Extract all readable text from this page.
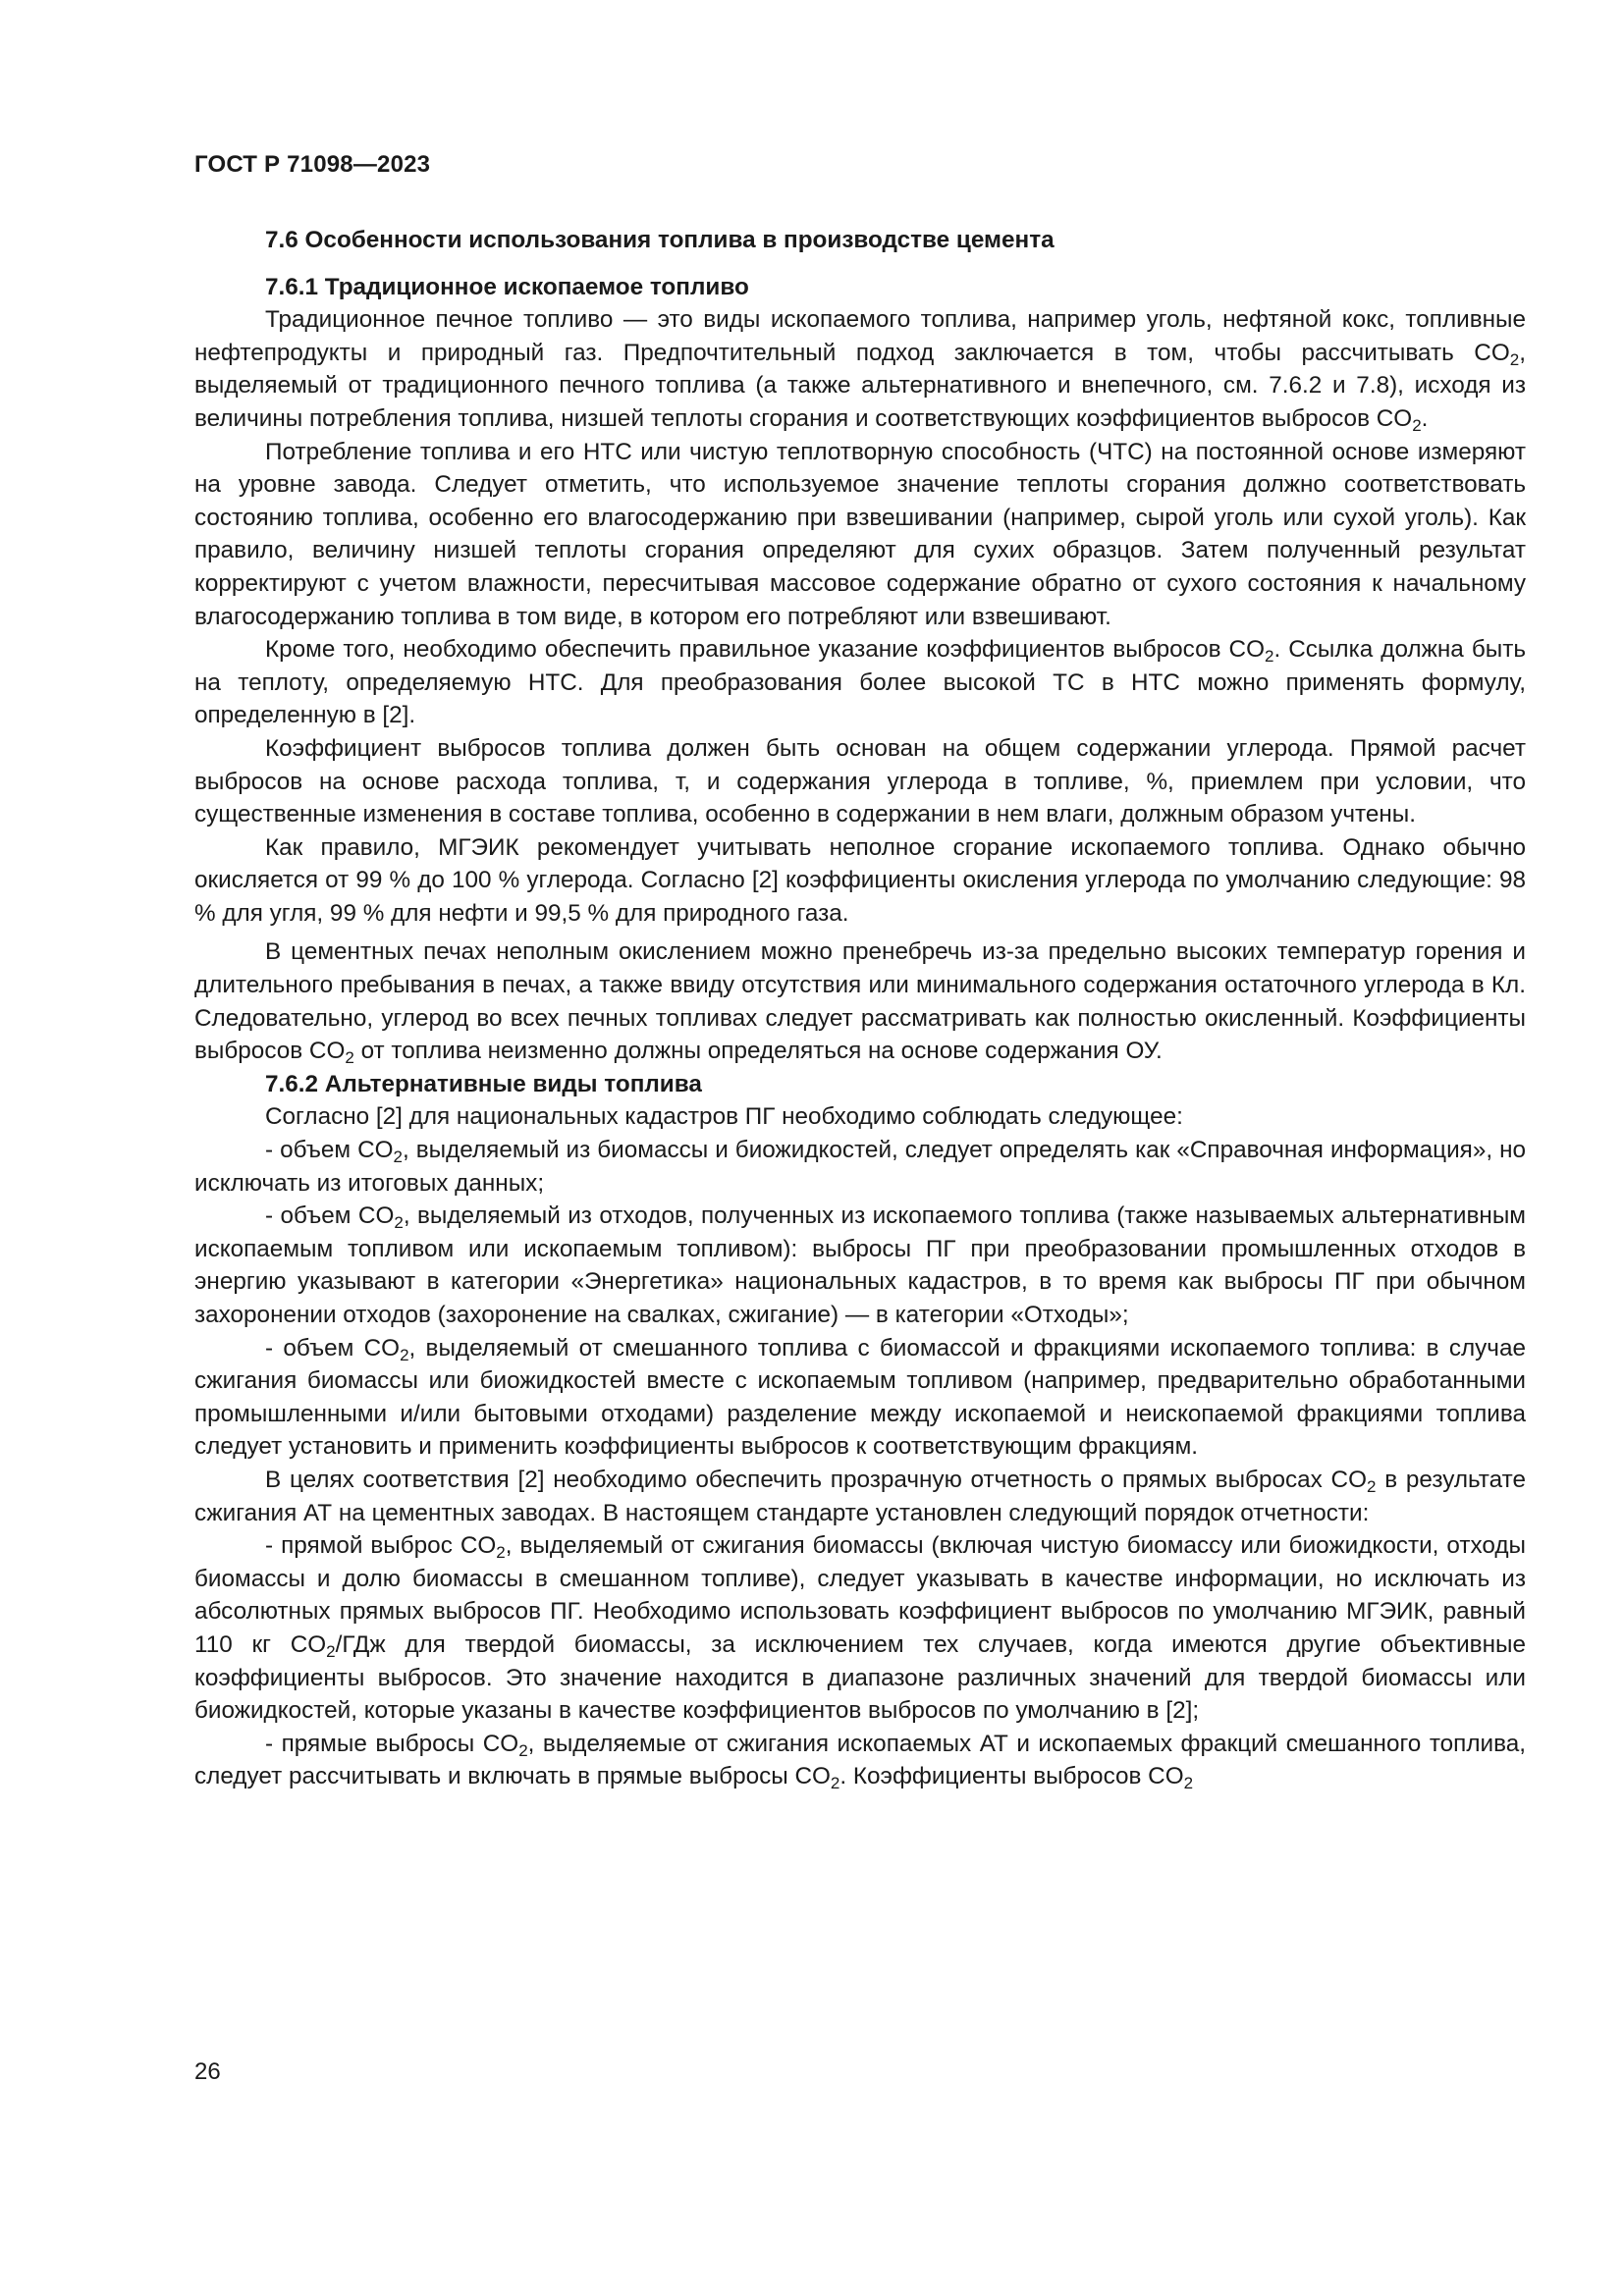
ГОСТ Р 71098—2023
7.6 Особенности использования топлива в производстве цемента
7.6.1 Традиционное ископаемое топливо

Традиционное печное топливо — это виды ископаемого топлива, например уголь, нефтяной кокс, топливные нефтепродукты и природный газ. Предпочтительный подход заключается в том, чтобы рассчитывать $CO_2$, выделяемый от традиционного печного топлива (а также альтернативного и внепечного, см. 7.6.2 и 7.8), исходя из величины потребления топлива, низшей теплоты сгорания и соответствующих коэффициентов выбросов $CO_2$.

Потребление топлива и его НТС или чистую теплотворную способность (ЧТС) на постоянной основе измеряют на уровне завода. Следует отметить, что используемое значение теплоты сгорания должно соответствовать состоянию топлива, особенно его влагосодержанию при взвешивании (например, сырой уголь или сухой уголь). Как правило, величину низшей теплоты сгорания определяют для сухих образцов. Затем полученный результат корректируют с учетом влажности, пересчитывая массовое содержание обратно от сухого состояния к начальному влагосодержанию топлива в том виде, в котором его потребляют или взвешивают.

Кроме того, необходимо обеспечить правильное указание коэффициентов выбросов $CO_2$. Ссылка должна быть на теплоту, определяемую НТС. Для преобразования более высокой ТС в НТС можно применять формулу, определенную в [2].

Коэффициент выбросов топлива должен быть основан на общем содержании углерода. Прямой расчет выбросов на основе расхода топлива, т, и содержания углерода в топливе, %, приемлем при условии, что существенные изменения в составе топлива, особенно в содержании в нем влаги, должным образом учтены.

Как правило, МГЭИК рекомендует учитывать неполное сгорание ископаемого топлива. Однако обычно окисляется от 99 % до 100 % углерода. Согласно [2] коэффициенты окисления углерода по умолчанию следующие: 98 % для угля, 99 % для нефти и 99,5 % для природного газа.

В цементных печах неполным окислением можно пренебречь из-за предельно высоких температур горения и длительного пребывания в печах, а также ввиду отсутствия или минимального содержания остаточного углерода в Кл. Следовательно, углерод во всех печных топливах следует рассматривать как полностью окисленный. Коэффициенты выбросов $CO_2$ от топлива неизменно должны определяться на основе содержания ОУ.

7.6.2 Альтернативные виды топлива

Согласно [2] для национальных кадастров ПГ необходимо соблюдать следующее:

- объем $CO_2$, выделяемый из биомассы и биожидкостей, следует определять как «Справочная информация», но исключать из итоговых данных;

- объем $CO_2$, выделяемый из отходов, полученных из ископаемого топлива (также называемых альтернативным ископаемым топливом или ископаемым топливом): выбросы ПГ при преобразовании промышленных отходов в энергию указывают в категории «Энергетика» национальных кадастров, в то время как выбросы ПГ при обычном захоронении отходов (захоронение на свалках, сжигание) — в категории «Отходы»;

- объем $CO_2$, выделяемый от смешанного топлива с биомассой и фракциями ископаемого топлива: в случае сжигания биомассы или биожидкостей вместе с ископаемым топливом (например, предварительно обработанными промышленными и/или бытовыми отходами) разделение между ископаемой и неископаемой фракциями топлива следует установить и применить коэффициенты выбросов к соответствующим фракциям.

В целях соответствия [2] необходимо обеспечить прозрачную отчетность о прямых выбросах $CO_2$ в результате сжигания АТ на цементных заводах. В настоящем стандарте установлен следующий порядок отчетности:

- прямой выброс $CO_2$, выделяемый от сжигания биомассы (включая чистую биомассу или биожидкости, отходы биомассы и долю биомассы в смешанном топливе), следует указывать в качестве информации, но исключать из абсолютных прямых выбросов ПГ. Необходимо использовать коэффициент выбросов по умолчанию МГЭИК, равный 110 кг $CO_2$/ГДж для твердой биомассы, за исключением тех случаев, когда имеются другие объективные коэффициенты выбросов. Это значение находится в диапазоне различных значений для твердой биомассы или биожидкостей, которые указаны в качестве коэффициентов выбросов по умолчанию в [2];

- прямые выбросы $CO_2$, выделяемые от сжигания ископаемых АТ и ископаемых фракций смешанного топлива, следует рассчитывать и включать в прямые выбросы $CO_2$. Коэффициенты выбросов $CO_2$

26
